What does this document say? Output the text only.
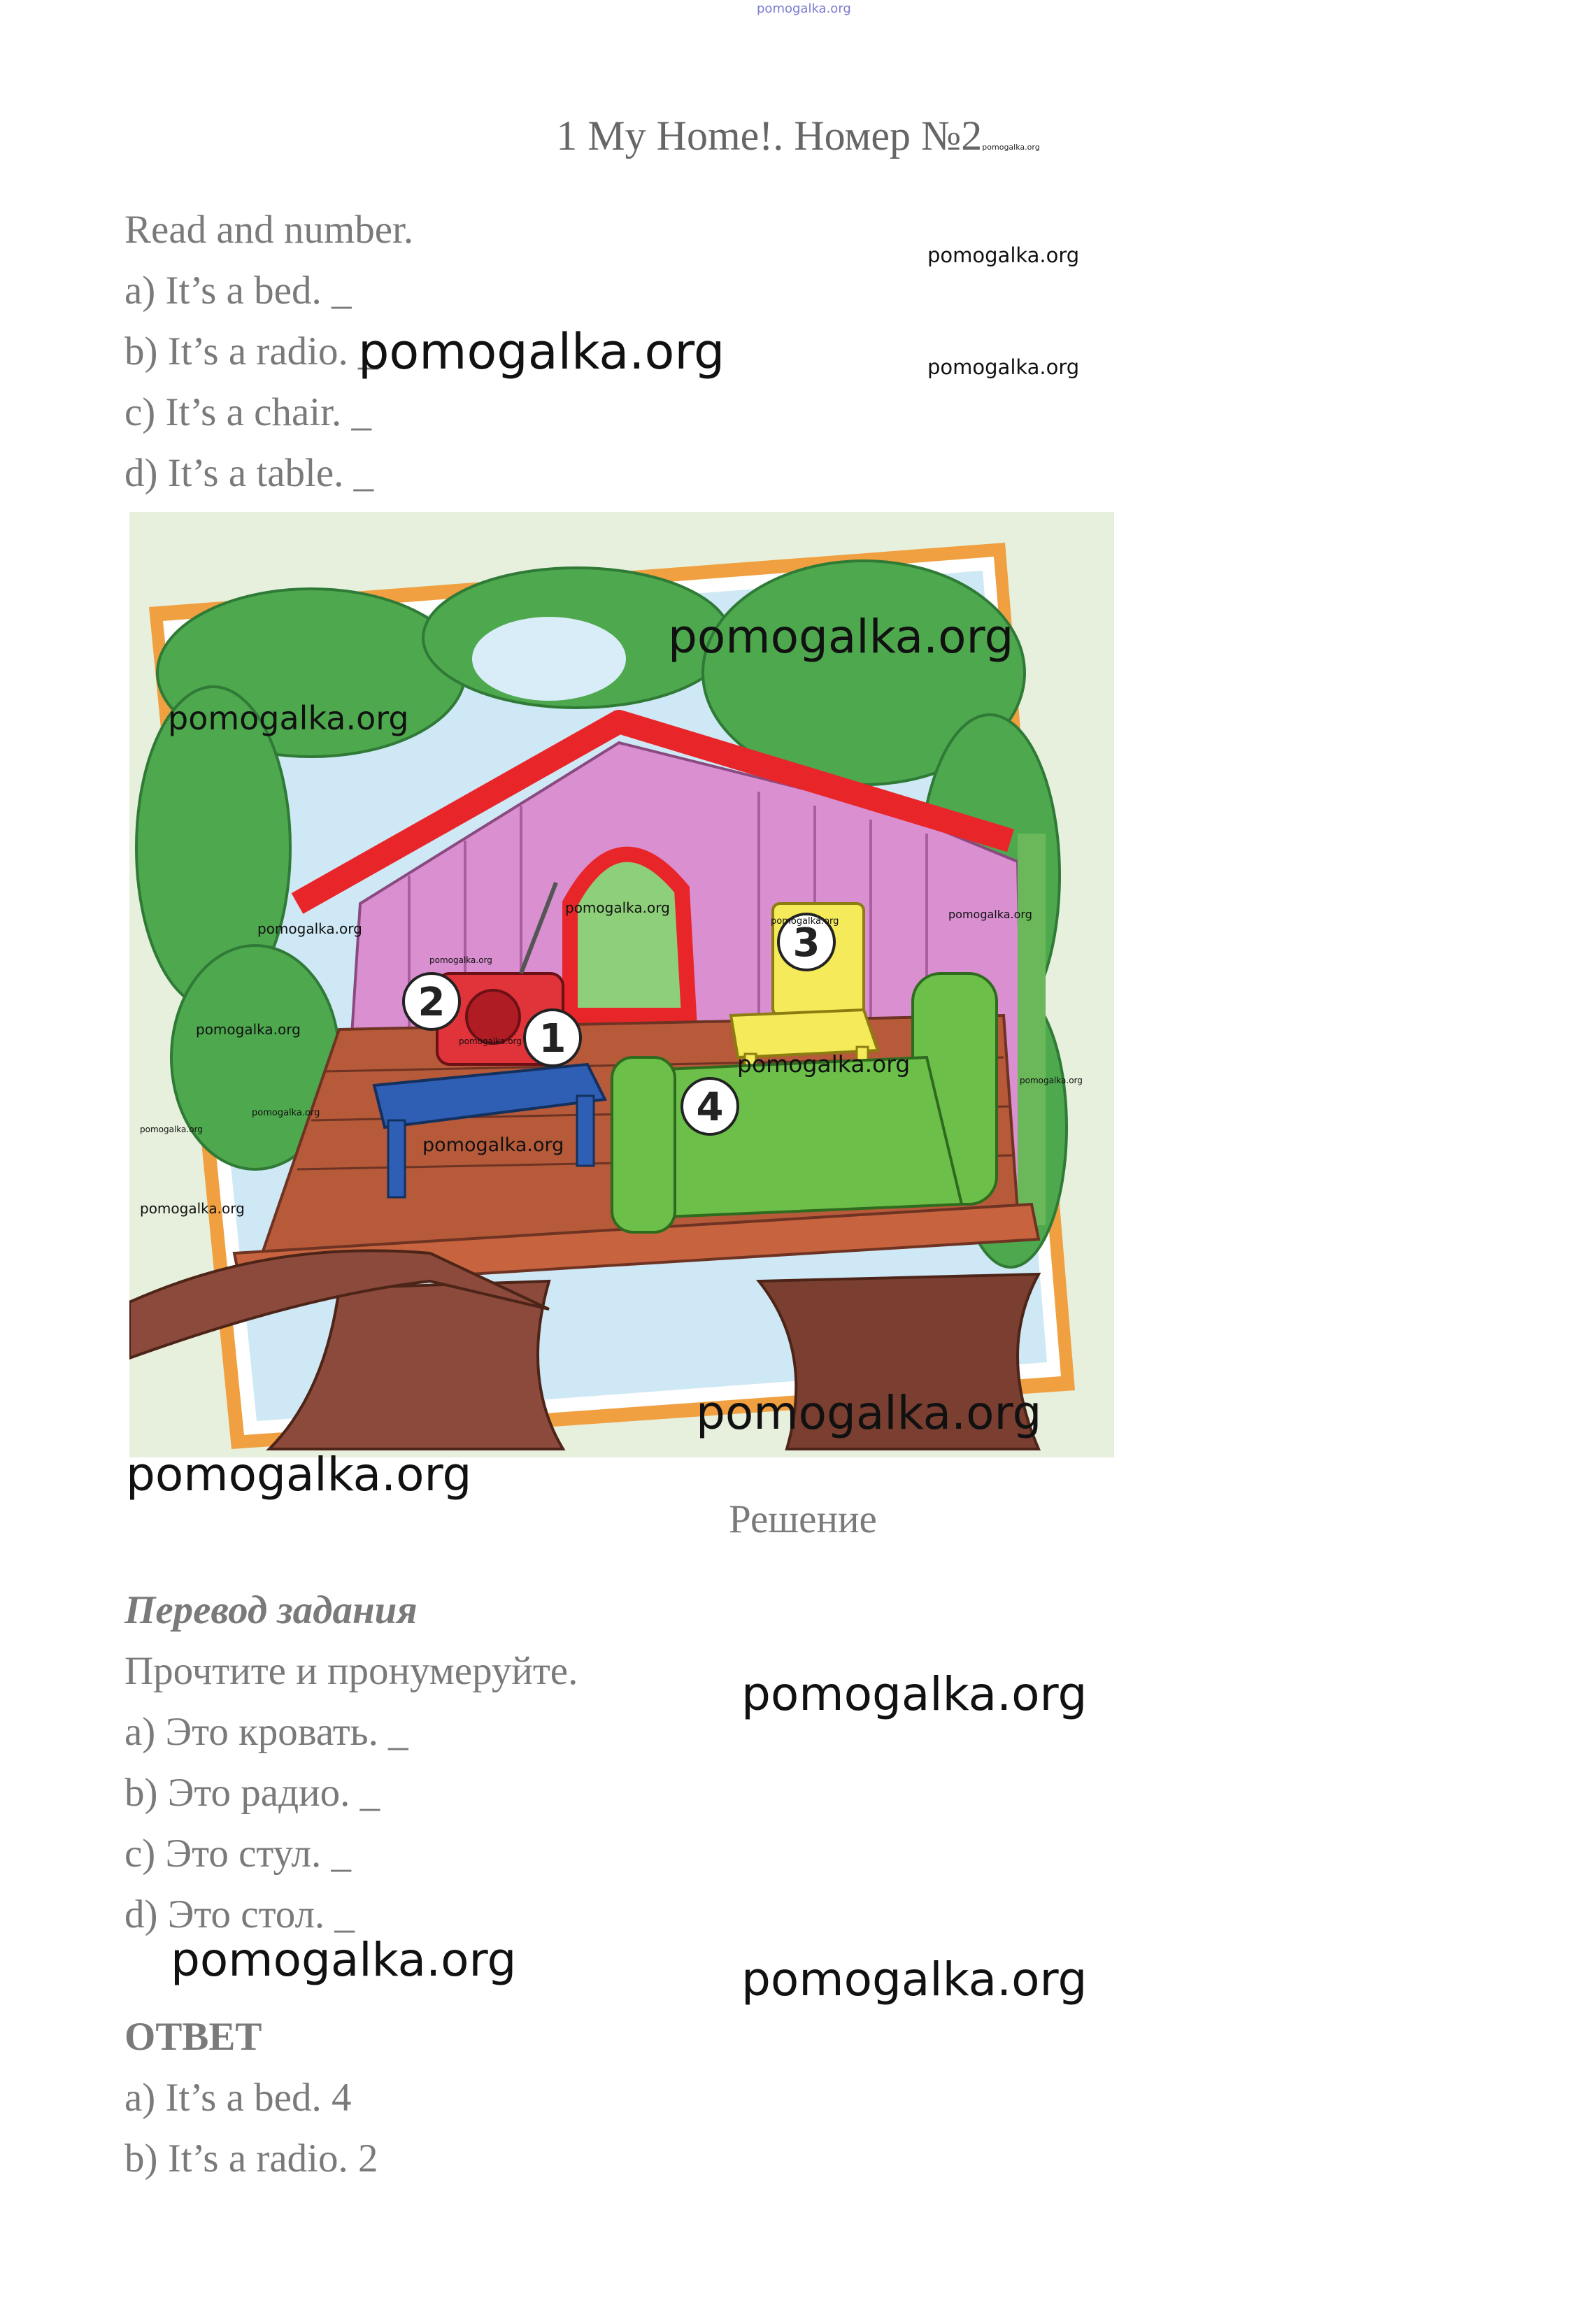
pomogalka.org
1 My Home!. Номер №2pomogalka.org
Read and number.
a) It’s a bed. _
b) It’s a radio. _
c) It’s a chair. _
d) It’s a table. _
pomogalka.org
pomogalka.org
pomogalka.org
1
2
3
4
pomogalka.org
pomogalka.org
pomogalka.org
pomogalka.org	pomogalka.org
pomogalka.org
pomogalka.org
pomogalka.org
pomogalka.org
pomogalka.org
pomogalka.org
pomogalka.org
pomogalka.org
pomogalka.org
pomogalka.org
pomogalka.org
pomogalka.org
Решение
Перевод задания
Прочтите и пронумеруйте.
a) Это кровать. _
b) Это радио. _
c) Это стул. _
d) Это стол. _
pomogalka.org
pomogalka.org	pomogalka.org
ОТВЕТ
a) It’s a bed. 4
b) It’s a radio. 2
